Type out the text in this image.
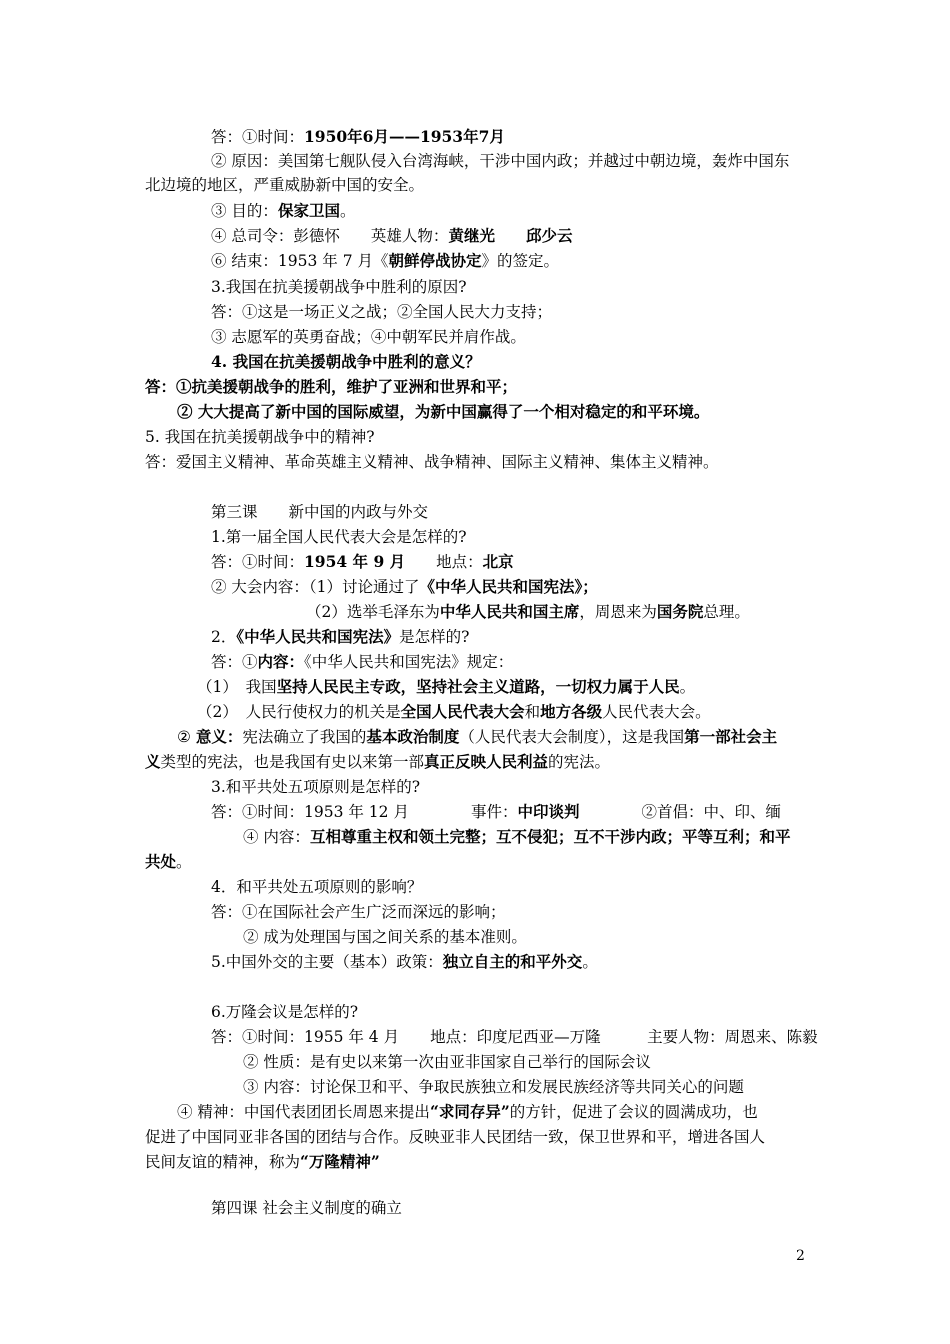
答：①时间：1950年6月——1953年7月
② 原因：美国第七舰队侵入台湾海峡，干涉中国内政；并越过中朝边境，轰炸中国东
北边境的地区，严重威胁新中国的安全。
③ 目的：保家卫国。
④ 总司令：彭德怀　　英雄人物：黄继光　　邱少云
⑥ 结束：1953 年 7 月《朝鲜停战协定》的签定。
3.我国在抗美援朝战争中胜利的原因?
答：①这是一场正义之战；②全国人民大力支持；
③ 志愿军的英勇奋战；④中朝军民并肩作战。
4. 我国在抗美援朝战争中胜利的意义？
答：①抗美援朝战争的胜利，维护了亚洲和世界和平；
② 大大提高了新中国的国际威望，为新中国赢得了一个相对稳定的和平环境。
5. 我国在抗美援朝战争中的精神?
答：爱国主义精神、革命英雄主义精神、战争精神、国际主义精神、集体主义精神。
第三课　　新中国的内政与外交
1.第一届全国人民代表大会是怎样的?
答：①时间：1954 年 9 月　　地点：北京
② 大会内容：（1）讨论通过了《中华人民共和国宪法》；
（2）选举毛泽东为中华人民共和国主席，周恩来为国务院总理。
2．《中华人民共和国宪法》是怎样的?
答：①内容：《中华人民共和国宪法》规定：
（1）　我国坚持人民民主专政，坚持社会主义道路，一切权力属于人民。
（2）　人民行使权力的机关是全国人民代表大会和地方各级人民代表大会。
② 意义：宪法确立了我国的基本政治制度（人民代表大会制度），这是我国第一部社会主
义类型的宪法，也是我国有史以来第一部真正反映人民利益的宪法。
3.和平共处五项原则是怎样的?
答：①时间：1953 年 12 月　　　　事件：中印谈判　　　　②首倡：中、印、缅
④ 内容：互相尊重主权和领土完整；互不侵犯；互不干涉内政；平等互利；和平
共处。
4．和平共处五项原则的影响？
答：①在国际社会产生广泛而深远的影响；
② 成为处理国与国之间关系的基本准则。
5.中国外交的主要（基本）政策：独立自主的和平外交。
6.万隆会议是怎样的?
答：①时间：1955 年 4 月　　地点：印度尼西亚—万隆　　　主要人物：周恩来、陈毅
② 性质：是有史以来第一次由亚非国家自己举行的国际会议
③ 内容：讨论保卫和平、争取民族独立和发展民族经济等共同关心的问题
④ 精神：中国代表团团长周恩来提出“求同存异”的方针，促进了会议的圆满成功，也
促进了中国同亚非各国的团结与合作。反映亚非人民团结一致，保卫世界和平，增进各国人
民间友谊的精神，称为“万隆精神”
第四课 社会主义制度的确立
2
